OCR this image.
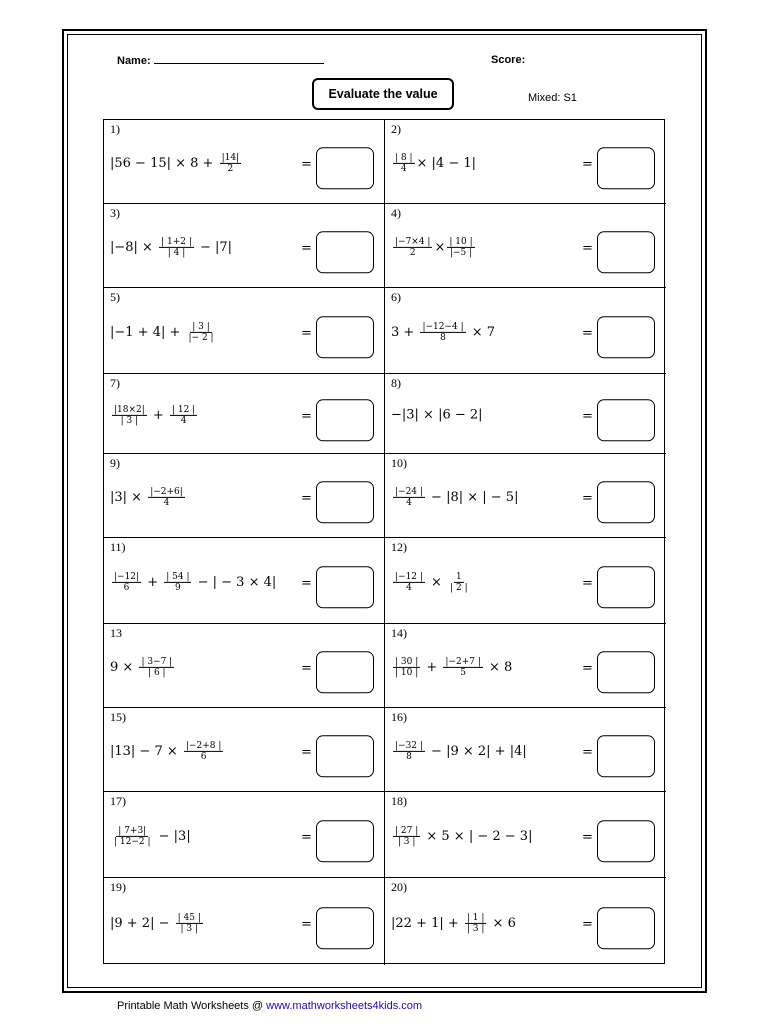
Name:	Score:
Evaluate the value	Mixed: S1
1)
$|56 - 15| \times 8 + \frac{|14|}{2}$	=
2)
$\frac{| 8 |}{4} \times |4 - 1|$	=
3)
$|-8| \times \frac{| 1+2 |}{| 4 |} - |7|$	=
4)
$\frac{|-7\times 4 |}{2} \times \frac{| 10 |}{|-5 |}$	=
5)
$|-1 + 4| + \frac{| 3 |}{|- 2 |}$	=
6)
$3 + \frac{|-12-4 |}{8} \times 7$	=
7)
$\frac{|18\times 2|}{| 3 |} + \frac{| 12 |}{4}$	=
8)
−|3| × |6 − 2|	=
9)
$|3| \times \frac{|-2+6|}{4}$	=
10)
$\frac{|-24 |}{4} - |8|$ × | − 5|	=
11)
$\frac{|-12|}{6} + \frac{| 54 |}{9}$ − | − 3 × 4| =
12)
$\frac{|-12 |}{4} \times \frac{1}{| 2 |}$	=
13
$9 \times \frac{| 3-7 |}{| 6 |}$	=
14)
$\frac{| 30 |}{| 10 |} + \frac{|-2+7 |}{5} \times 8$	=
15)
$|13| - 7 \times \frac{|-2+8 |}{6}$	=
16)
$\frac{|-32 |}{8} - |9 \times 2| + |4|$	=
17)
$\frac{| 7+3|}{| 12-2 |} - |3|$	=
18)
$\frac{| 27 |}{| 3 |} \times 5$ × | − 2 − 3|	=
19)
$|9 + 2| - \frac{| 45 |}{| 3 |}$	=
20)
$|22 + 1| + \frac{| 1 |}{| 3 |} \times 6$	=
Printable Math Worksheets @ www.mathworksheets4kids.com
